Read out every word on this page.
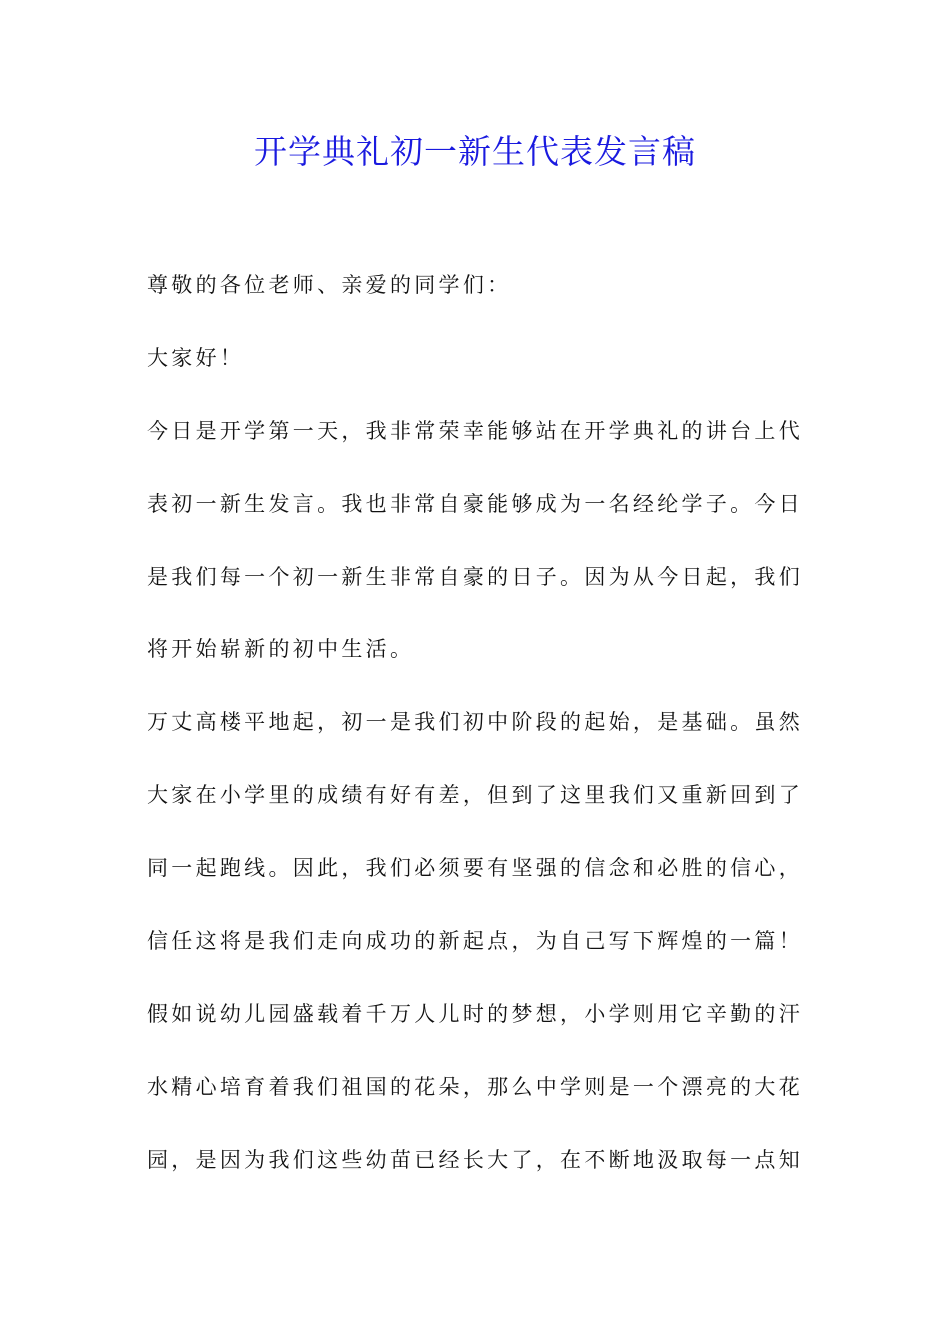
开学典礼初一新生代表发言稿
尊 敬 的 各 位 老 师 、 亲 爱 的 同 学 们 ：
大 家 好 ！
今 日 是 开 学 第 一 天 ， 我 非 常 荣 幸 能 够 站 在 开 学 典 礼 的 讲 台 上 代
表 初 一 新 生 发 言 。 我 也 非 常 自 豪 能 够 成 为 一 名 经 纶 学 子 。 今 日
是 我 们 每 一 个 初 一 新 生 非 常 自 豪 的 日 子 。 因 为 从 今 日 起 ， 我 们
将 开 始 崭 新 的 初 中 生 活 。
万 丈 高 楼 平 地 起 ， 初 一 是 我 们 初 中 阶 段 的 起 始 ， 是 基 础 。 虽 然
大 家 在 小 学 里 的 成 绩 有 好 有 差 ， 但 到 了 这 里 我 们 又 重 新 回 到 了
同 一 起 跑 线 。 因 此 ， 我 们 必 须 要 有 坚 强 的 信 念 和 必 胜 的 信 心 ，
信 任 这 将 是 我 们 走 向 成 功 的 新 起 点 ， 为 自 己 写 下 辉 煌 的 一 篇 ！
假 如 说 幼 儿 园 盛 载 着 千 万 人 儿 时 的 梦 想 ， 小 学 则 用 它 辛 勤 的 汗
水 精 心 培 育 着 我 们 祖 国 的 花 朵 ， 那 么 中 学 则 是 一 个 漂 亮 的 大 花
园 ， 是 因 为 我 们 这 些 幼 苗 已 经 长 大 了 ， 在 不 断 地 汲 取 每 一 点 知
